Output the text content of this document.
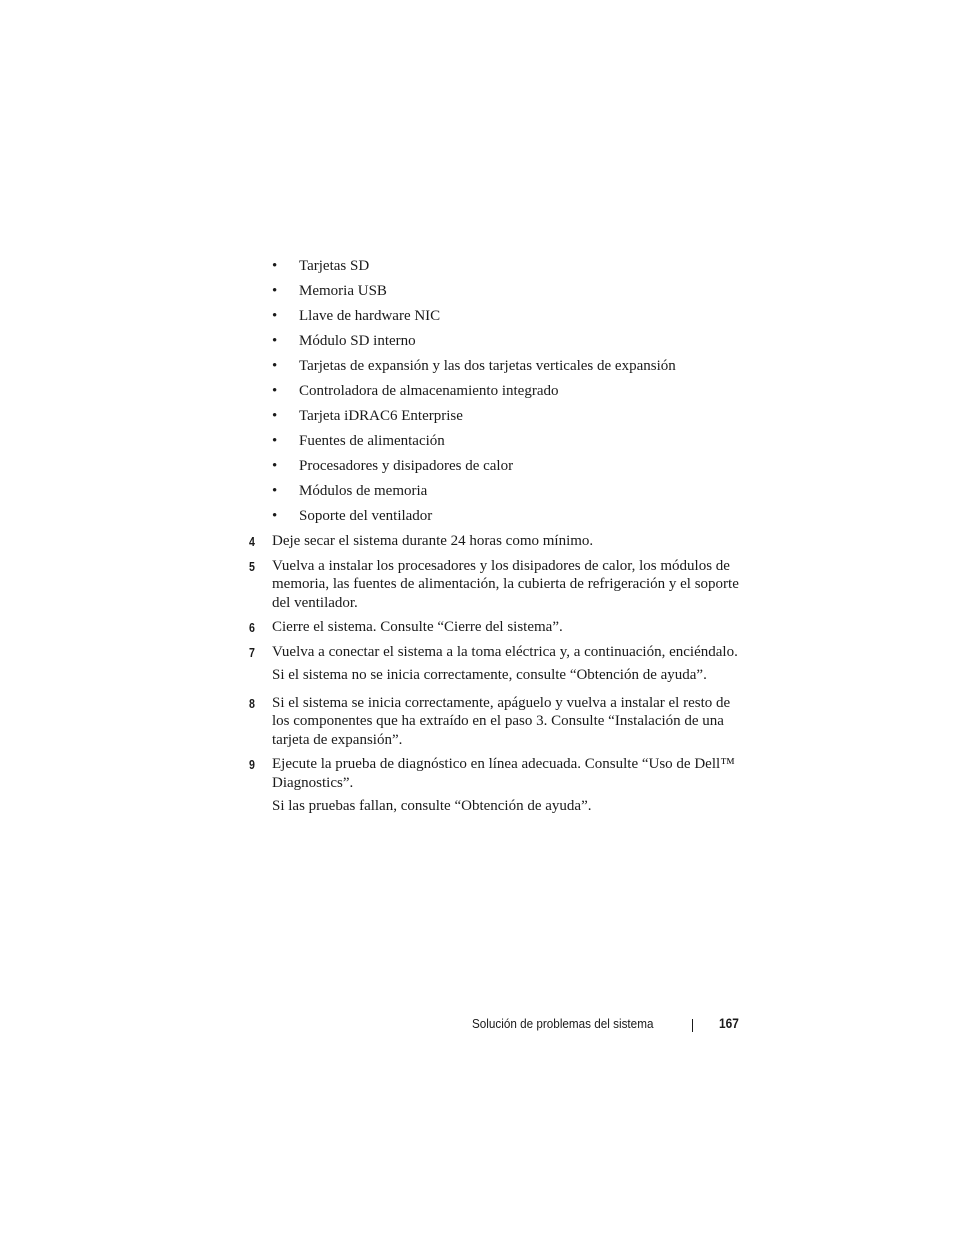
• Tarjetas SD
• Memoria USB
• Llave de hardware NIC
• Módulo SD interno
• Tarjetas de expansión y las dos tarjetas verticales de expansión
• Controladora de almacenamiento integrado
• Tarjeta iDRAC6 Enterprise
• Fuentes de alimentación
• Procesadores y disipadores de calor
• Módulos de memoria
• Soporte del ventilador
4 Deje secar el sistema durante 24 horas como mínimo.
5 Vuelva a instalar los procesadores y los disipadores de calor, los módulos de memoria, las fuentes de alimentación, la cubierta de refrigeración y el soporte del ventilador.
6 Cierre el sistema. Consulte “Cierre del sistema”.
7 Vuelva a conectar el sistema a la toma eléctrica y, a continuación, enciéndalo.
Si el sistema no se inicia correctamente, consulte “Obtención de ayuda”.
8 Si el sistema se inicia correctamente, apáguelo y vuelva a instalar el resto de los componentes que ha extraído en el paso 3. Consulte “Instalación de una tarjeta de expansión”.
9 Ejecute la prueba de diagnóstico en línea adecuada. Consulte “Uso de Dell™ Diagnostics”.
Si las pruebas fallan, consulte “Obtención de ayuda”.
Solución de problemas del sistema	167
